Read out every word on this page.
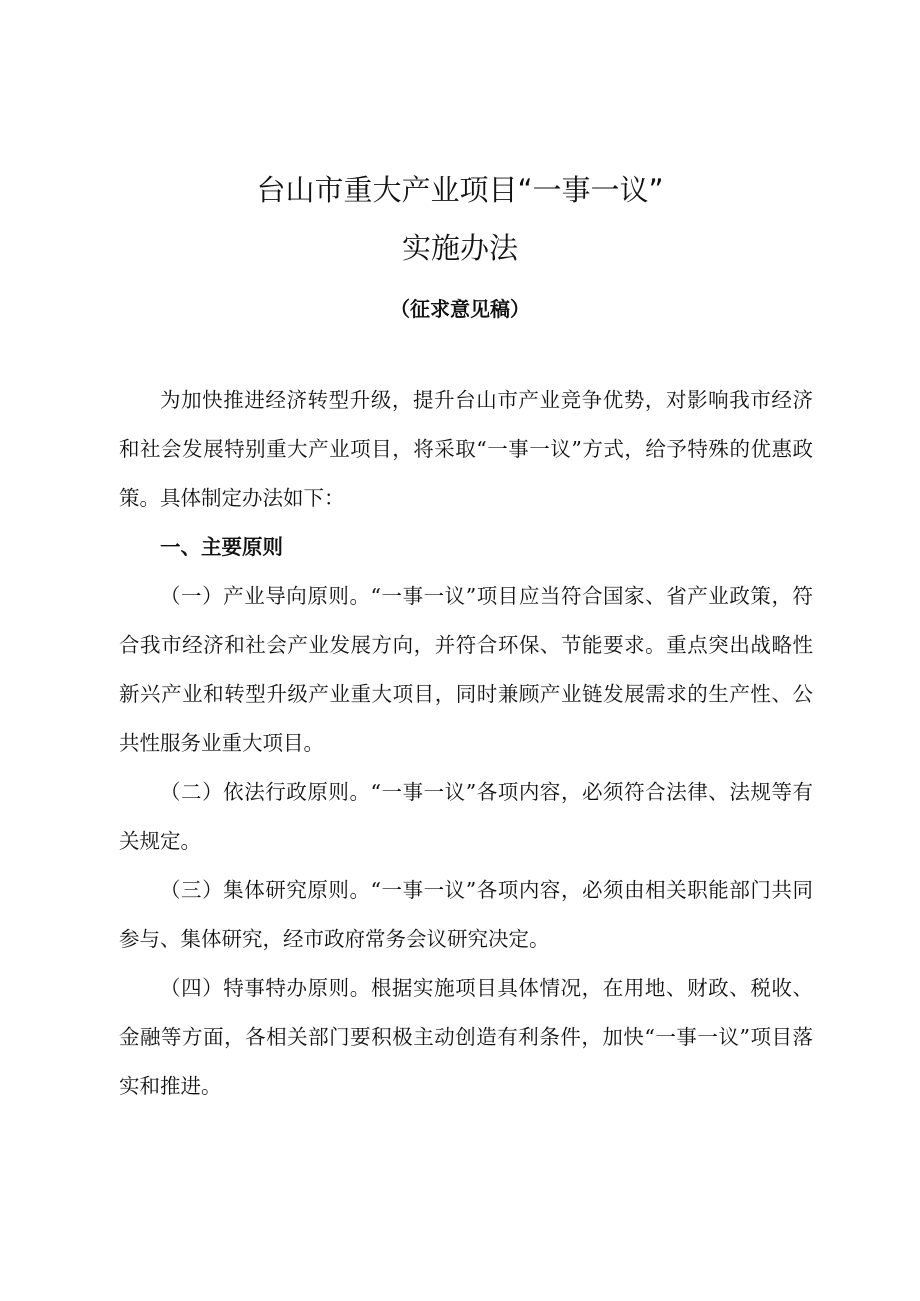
台山市重大产业项目“一事一议”
实施办法
（征求意见稿）

为加快推进经济转型升级，提升台山市产业竞争优势，对影响我市经济和社会发展特别重大产业项目，将采取“一事一议”方式，给予特殊的优惠政策。具体制定办法如下：

一、主要原则

（一）产业导向原则。“一事一议”项目应当符合国家、省产业政策，符合我市经济和社会产业发展方向，并符合环保、节能要求。重点突出战略性新兴产业和转型升级产业重大项目，同时兼顾产业链发展需求的生产性、公共性服务业重大项目。

（二）依法行政原则。“一事一议”各项内容，必须符合法律、法规等有关规定。

（三）集体研究原则。“一事一议”各项内容，必须由相关职能部门共同参与、集体研究，经市政府常务会议研究决定。

（四）特事特办原则。根据实施项目具体情况，在用地、财政、税收、金融等方面，各相关部门要积极主动创造有利条件，加快“一事一议”项目落实和推进。
